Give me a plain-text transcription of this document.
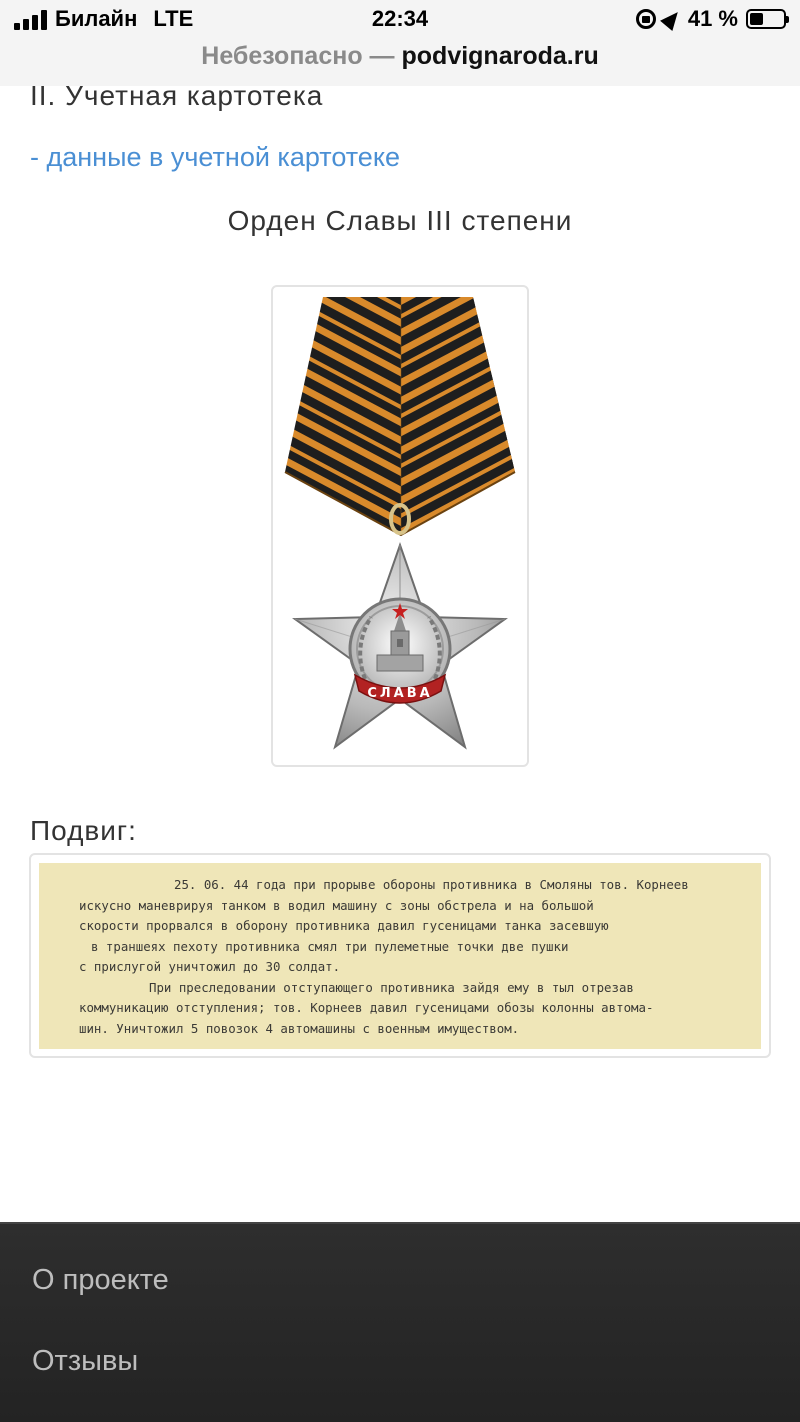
Билайн LTE	22:34	41 %
Небезопасно — podvignaroda.ru
II. Учетная картотека
- данные в учетной картотеке
Орден Славы III степени
СЛАВА
Подвиг:
25. 06. 44 года при прорыве обороны противника в Смоляны тов. Корнеев
искусно маневрируя танком в водил машину с зоны обстрела и на большой
скорости прорвался в оборону противника давил гусеницами танка засевшую
в траншеях пехоту противника смял три пулеметные точки две пушки
с прислугой уничтожил до 30 солдат.
При преследовании отступающего противника зайдя ему в тыл отрезав
коммуникацию отступления; тов. Корнеев давил гусеницами обозы колонны автома-
шин. Уничтожил 5 повозок 4 автомашины с военным имуществом.
О проекте
Отзывы
